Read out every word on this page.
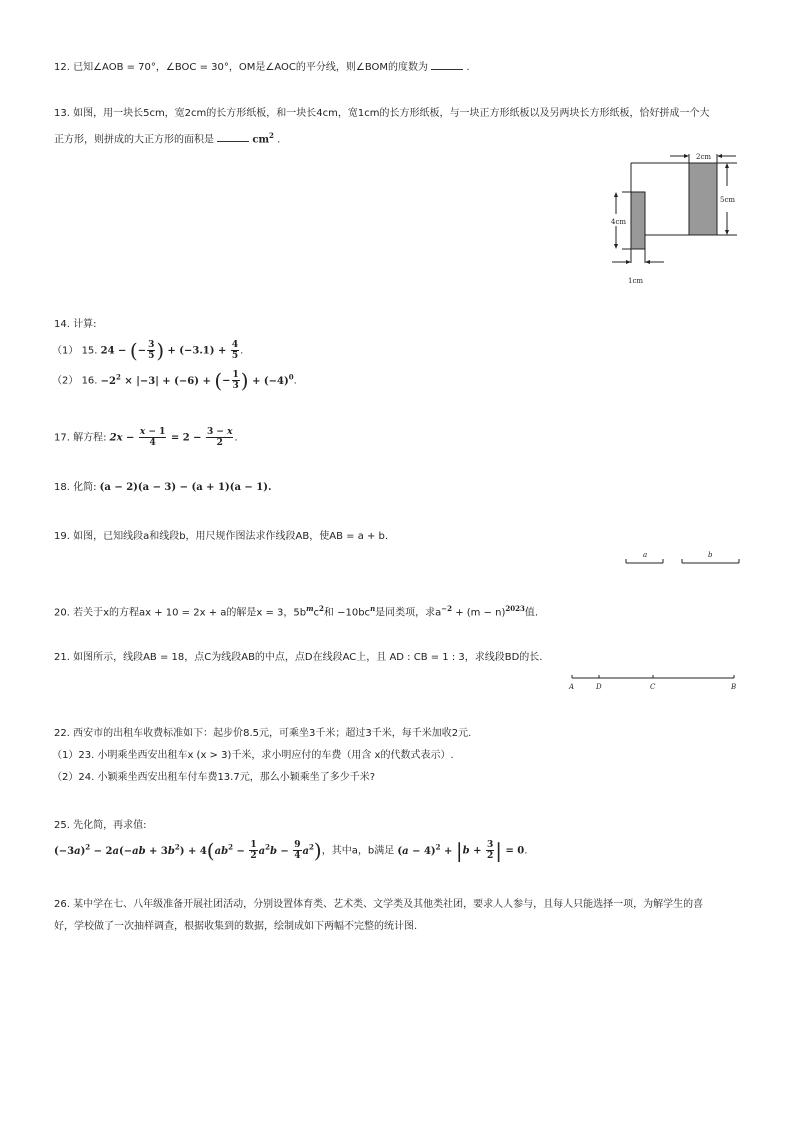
12. 已知∠AOB = 70°，∠BOC = 30°，OM是∠AOC的平分线，则∠BOM的度数为	.
13. 如图，用一块长5cm，宽2cm的长方形纸板，和一块长4cm，宽1cm的长方形纸板，与一块正方形纸板以及另两块长方形纸板，恰好拼成一个大
正方形，则拼成的大正方形的面积是	$cm^2$ .
2cm
5cm
4cm
1cm
14. 计算:
（1） 15. 24 − (− $\frac{3}{5}$ ) + $(-3.1) + \frac{4}{5}$ .
（2） 16. $-2^2 \times |-3| + (-6)$ + (− $\frac{1}{3}$ ) + $(-4)^0$.
17. 解方程: $2x - \frac{x - 1}{4} = 2 - \frac{3 - x}{2}$ .
18. 化简: (a − 2)(a − 3) − (a + 1)(a − 1).
19. 如图，已知线段a和线段b，用尺规作图法求作线段AB，使AB = a + b.
a	b
20. 若关于x的方程ax + 10 = 2x + a的解是x = 3，$5b^mc^2$和 $-10bc^n$是同类项，求$a^{-2} + (m - n)^{2023}$值.
21. 如图所示，线段AB = 18，点C为线段AB的中点，点D在线段AC上，且 AD : CB = 1 : 3，求线段BD的长.
A	D	C	B
22. 西安市的出租车收费标准如下：起步价8.5元，可乘坐3千米；超过3千米，每千米加收2元.
（1）23. 小明乘坐西安出租车x (x > 3)千米，求小明应付的车费（用含 x的代数式表示）.
（2）24. 小颖乘坐西安出租车付车费13.7元，那么小颖乘坐了多少千米?
25. 先化简，再求值:
$(-3a)^2 - 2a(-ab + 3b^2) + 4(ab^2 - \frac{1}{2} a^2b - \frac{9}{4} a^2)$，其中a，b满足 $(a - 4)^2 + |b + \frac{3}{2}$ | = 0.
26. 某中学在七、八年级准备开展社团活动，分别设置体育类、艺术类、文学类及其他类社团，要求人人参与，且每人只能选择一项，为解学生的喜
好，学校做了一次抽样调查，根据收集到的数据，绘制成如下两幅不完整的统计图.
